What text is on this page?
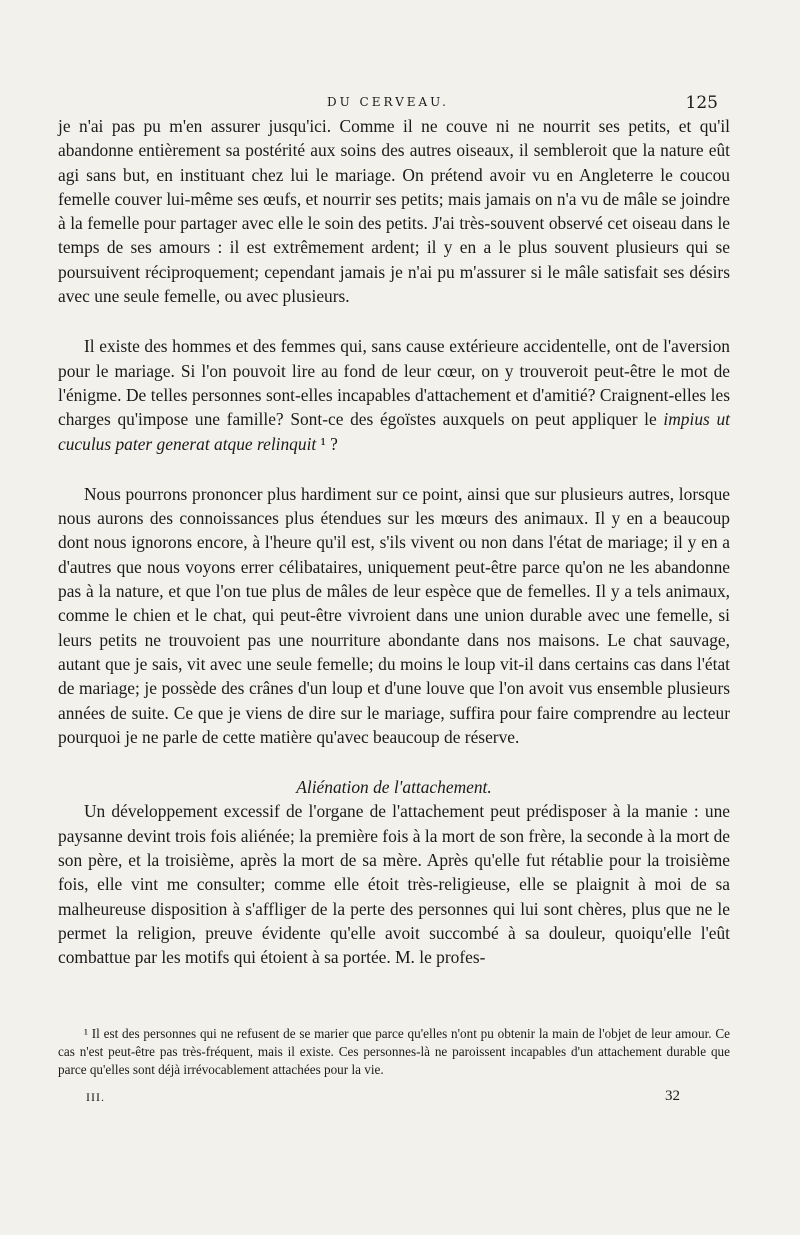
DU CERVEAU.	125

je n'ai pas pu m'en assurer jusqu'ici. Comme il ne couve ni ne nourrit ses petits, et qu'il abandonne entièrement sa postérité aux soins des autres oiseaux, il sembleroit que la nature eût agi sans but, en instituant chez lui le mariage. On prétend avoir vu en Angleterre le coucou femelle couver lui-même ses œufs, et nourrir ses petits; mais jamais on n'a vu de mâle se joindre à la femelle pour partager avec elle le soin des petits. J'ai très-souvent observé cet oiseau dans le temps de ses amours : il est extrêmement ardent; il y en a le plus souvent plusieurs qui se poursuivent réciproquement; cependant jamais je n'ai pu m'assurer si le mâle satisfait ses désirs avec une seule femelle, ou avec plusieurs.

Il existe des hommes et des femmes qui, sans cause extérieure accidentelle, ont de l'aversion pour le mariage. Si l'on pouvoit lire au fond de leur cœur, on y trouveroit peut-être le mot de l'énigme. De telles personnes sont-elles incapables d'attachement et d'amitié? Craignent-elles les charges qu'impose une famille? Sont-ce des égoïstes auxquels on peut appliquer le impius ut cuculus pater generat atque relinquit ¹ ?

Nous pourrons prononcer plus hardiment sur ce point, ainsi que sur plusieurs autres, lorsque nous aurons des connoissances plus étendues sur les mœurs des animaux. Il y en a beaucoup dont nous ignorons encore, à l'heure qu'il est, s'ils vivent ou non dans l'état de mariage; il y en a d'autres que nous voyons errer célibataires, uniquement peut-être parce qu'on ne les abandonne pas à la nature, et que l'on tue plus de mâles de leur espèce que de femelles. Il y a tels animaux, comme le chien et le chat, qui peut-être vivroient dans une union durable avec une femelle, si leurs petits ne trouvoient pas une nourriture abondante dans nos maisons. Le chat sauvage, autant que je sais, vit avec une seule femelle; du moins le loup vit-il dans certains cas dans l'état de mariage; je possède des crânes d'un loup et d'une louve que l'on avoit vus ensemble plusieurs années de suite. Ce que je viens de dire sur le mariage, suffira pour faire comprendre au lecteur pourquoi je ne parle de cette matière qu'avec beaucoup de réserve.

Aliénation de l'attachement.

Un développement excessif de l'organe de l'attachement peut prédisposer à la manie : une paysanne devint trois fois aliénée; la première fois à la mort de son frère, la seconde à la mort de son père, et la troisième, après la mort de sa mère. Après qu'elle fut rétablie pour la troisième fois, elle vint me consulter; comme elle étoit très-religieuse, elle se plaignit à moi de sa malheureuse disposition à s'affliger de la perte des personnes qui lui sont chères, plus que ne le permet la religion, preuve évidente qu'elle avoit succombé à sa douleur, quoiqu'elle l'eût combattue par les motifs qui étoient à sa portée. M. le profes-

¹ Il est des personnes qui ne refusent de se marier que parce qu'elles n'ont pu obtenir la main de l'objet de leur amour. Ce cas n'est peut-être pas très-fréquent, mais il existe. Ces personnes-là ne paroissent incapables d'un attachement durable que parce qu'elles sont déjà irrévocablement attachées pour la vie.
III.	32
